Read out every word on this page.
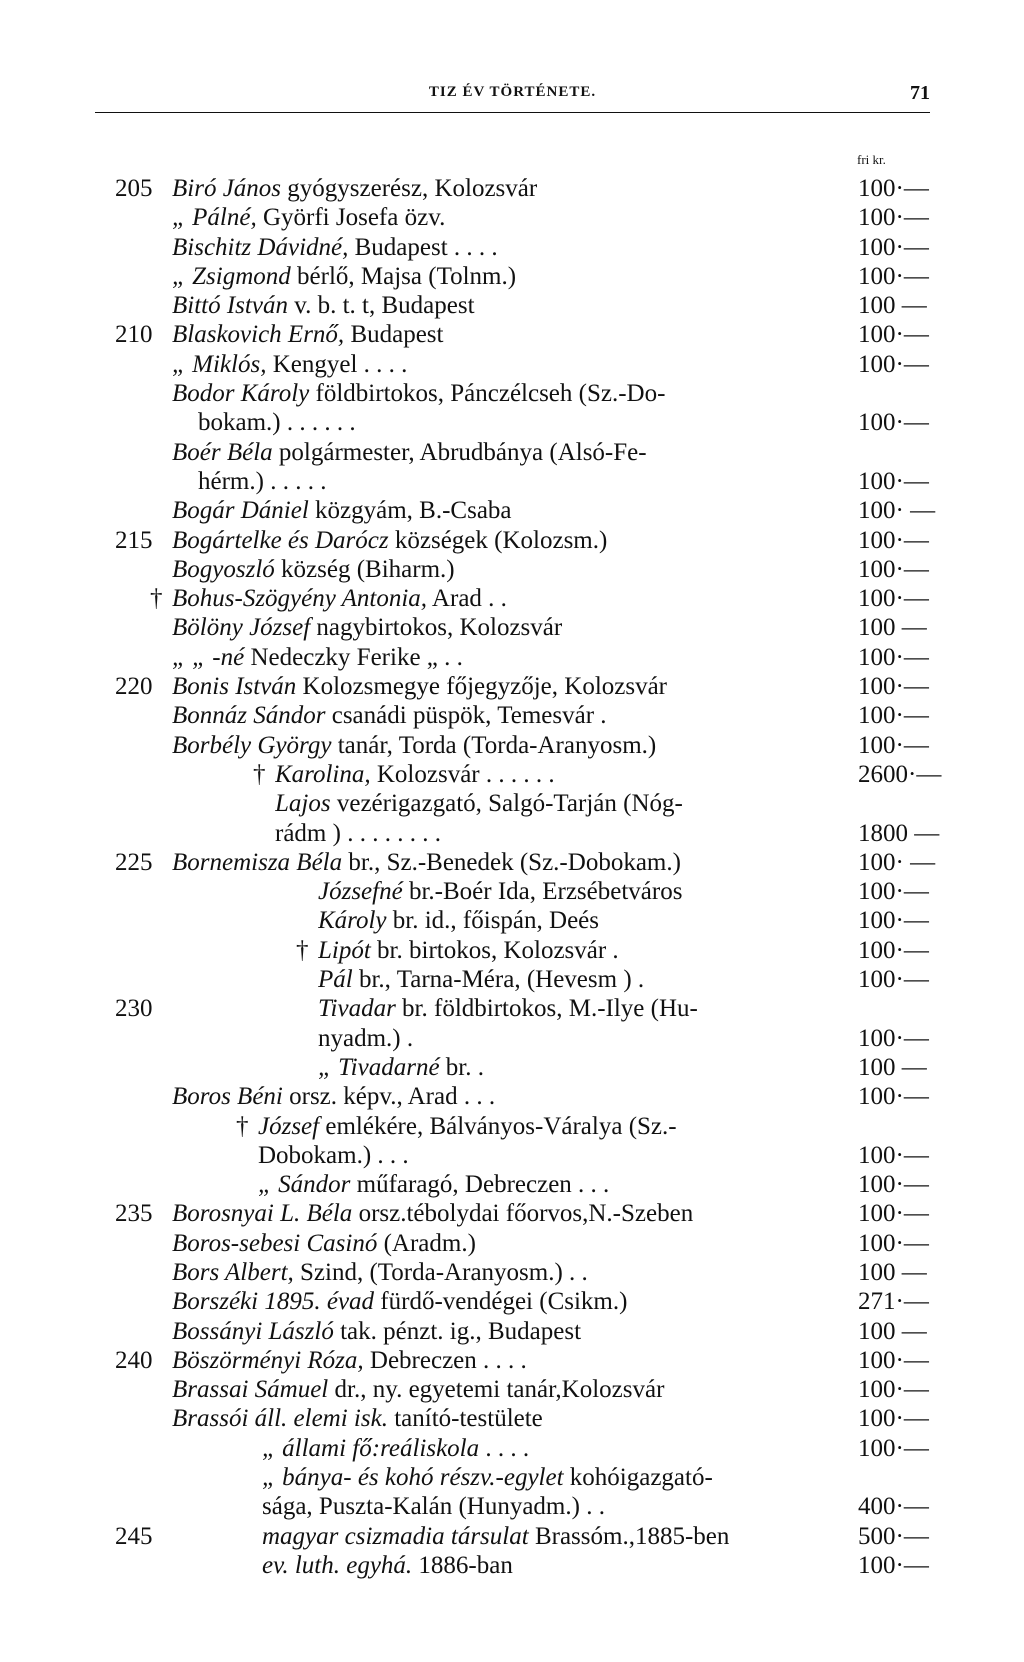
TIZ ÉV TÖRTÉNETE.	71
fri kr.
205 Biró János gyógyszerész, Kolozsvár	100·—
„ Pálné, Györfi Josefa özv.	100·—
Bischitz Dávidné, Budapest . . . .	100·—
„ Zsigmond bérlő, Majsa (Tolnm.)	100·—
Bittó István v. b. t. t, Budapest	100 —
210 Blaskovich Ernő, Budapest	100·—
„ Miklós, Kengyel . . . .	100·—
Bodor Károly földbirtokos, Pánczélcseh (Sz.-Do-
bokam.) . . . . . .	100·—
Boér Béla polgármester, Abrudbánya (Alsó-Fe-
hérm.) . . . . .	100·—
Bogár Dániel közgyám, B.-Csaba	100· —
215 Bogártelke és Darócz községek (Kolozsm.)	100·—
Bogyoszló község (Biharm.)	100·—
† Bohus-Szögyény Antonia, Arad . .	100·—
Bölöny József nagybirtokos, Kolozsvár	100 —
„ „ -né Nedeczky Ferike „ . .	100·—
220 Bonis István Kolozsmegye főjegyzője, Kolozsvár	100·—
Bonnáz Sándor csanádi püspök, Temesvár .	100·—
Borbély György tanár, Torda (Torda-Aranyosm.)	100·—
† Karolina, Kolozsvár . . . . . .	2600·—
Lajos vezérigazgató, Salgó-Tarján (Nóg-
rádm ) . . . . . . . .	1800 —
225 Bornemisza Béla br., Sz.-Benedek (Sz.-Dobokam.)	100· —
Józsefné br.-Boér Ida, Erzsébetváros	100·—
Károly br. id., főispán, Deés	100·—
† Lipót br. birtokos, Kolozsvár .	100·—
Pál br., Tarna-Méra, (Hevesm ) .	100·—
230	Tivadar br. földbirtokos, M.-Ilye (Hu-
nyadm.) .	100·—
„ Tivadarné br. .	100 —
Boros Béni orsz. képv., Arad . . .	100·—
† József emlékére, Bálványos-Váralya (Sz.-
Dobokam.) . . .	100·—
„ Sándor műfaragó, Debreczen . . .	100·—
235 Borosnyai L. Béla orsz.tébolydai főorvos,N.-Szeben	100·—
Boros-sebesi Casinó (Aradm.)	100·—
Bors Albert, Szind, (Torda-Aranyosm.) . .	100 —
Borszéki 1895. évad fürdő-vendégei (Csikm.)	271·—
Bossányi László tak. pénzt. ig., Budapest	100 —
240 Böszörményi Róza, Debreczen . . . .	100·—
Brassai Sámuel dr., ny. egyetemi tanár,Kolozsvár	100·—
Brassói áll. elemi isk. tanító-testülete	100·—
„ állami fő:reáliskola . . . .	100·—
„ bánya- és kohó részv.-egylet kohóigazgató-
sága, Puszta-Kalán (Hunyadm.) . .	400·—
245	magyar csizmadia társulat Brassóm.,1885-ben	500·—
ev. luth. egyhá. 1886-ban	100·—
